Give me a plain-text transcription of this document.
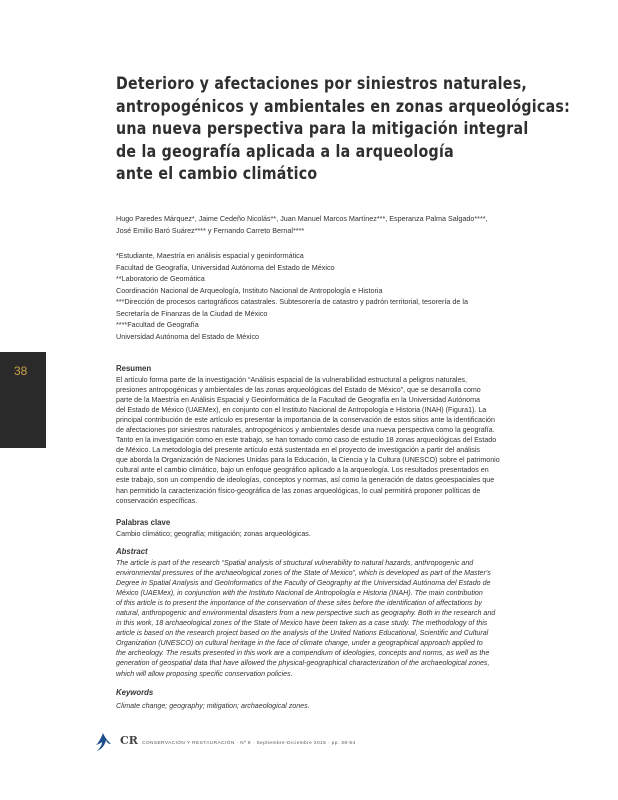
38
Deterioro y afectaciones por siniestros naturales,
antropogénicos y ambientales en zonas arqueológicas:
una nueva perspectiva para la mitigación integral
de la geografía aplicada a la arqueología
ante el cambio climático
Hugo Paredes Márquez*, Jaime Cedeño Nicolás**, Juan Manuel Marcos Martínez***, Esperanza Palma Salgado****,
José Emilio Baró Suárez**** y Fernando Carreto Bernal****
*Estudiante, Maestría en análisis espacial y geoinformática
Facultad de Geografía, Universidad Autónoma del Estado de México
**Laboratorio de Geomática
Coordinación Nacional de Arqueología, Instituto Nacional de Antropología e Historia
***Dirección de procesos cartográficos catastrales. Subtesorería de catastro y padrón territorial, tesorería de la
Secretaría de Finanzas de la Ciudad de México
****Facultad de Geografía
Universidad Autónoma del Estado de México
Resumen
El artículo forma parte de la investigación “Análisis espacial de la vulnerabilidad estructural a peligros naturales,
presiones antropogénicas y ambientales de las zonas arqueológicas del Estado de México”, que se desarrolla como
parte de la Maestría en Análisis Espacial y Geoinformática de la Facultad de Geografía en la Universidad Autónoma
del Estado de México (UAEMex), en conjunto con el Instituto Nacional de Antropología e Historia (INAH) (Figura1). La
principal contribución de este artículo es presentar la importancia de la conservación de estos sitios ante la identificación
de afectaciones por siniestros naturales, antropogénicos y ambientales desde una nueva perspectiva como la geografía.
Tanto en la investigación como en este trabajo, se han tomado como caso de estudio 18 zonas arqueológicas del Estado
de México. La metodología del presente artículo está sustentada en el proyecto de investigación a partir del análisis
que aborda la Organización de Naciones Unidas para la Educación, la Ciencia y la Cultura (UNESCO) sobre el patrimonio
cultural ante el cambio climático, bajo un enfoque geográfico aplicado a la arqueología. Los resultados presentados en
este trabajo, son un compendio de ideologías, conceptos y normas, así como la generación de datos geoespaciales que
han permitido la caracterización físico-geográfica de las zonas arqueológicas, lo cual permitirá proponer políticas de
conservación específicas.
Palabras clave
Cambio climático; geografía; mitigación; zonas arqueológicas.
Abstract
The article is part of the research “Spatial analysis of structural vulnerability to natural hazards, anthropogenic and
environmental pressures of the archaeological zones of the State of Mexico”, which is developed as part of the Master's
Degree in Spatial Analysis and GeoInformatics of the Faculty of Geography at the Universidad Autónoma del Estado de
México (UAEMex), in conjunction with the Instituto Nacional de Antropología e Historia (INAH). The main contribution
of this article is to present the importance of the conservation of these sites before the identification of affectations by
natural, anthropogenic and environmental disasters from a new perspective such as geography. Both in the research and
in this work, 18 archaeological zones of the State of Mexico have been taken as a case study. The methodology of this
article is based on the research project based on the analysis of the United Nations Educational, Scientific and Cultural
Organization (UNESCO) on cultural heritage in the face of climate change, under a geographical approach applied to
the archeology. The results presented in this work are a compendium of ideologies, concepts and norms, as well as the
generation of geospatial data that have allowed the physical-geographical characterization of the archaeological zones,
which will allow proposing specific conservation policies.
Keywords
Climate change; geography; mitigation; archaeological zones.
CR CONSERVACIÓN Y RESTAURACIÓN · Nº 8 · Septiembre-Diciembre 2015 · pp. 38-54
